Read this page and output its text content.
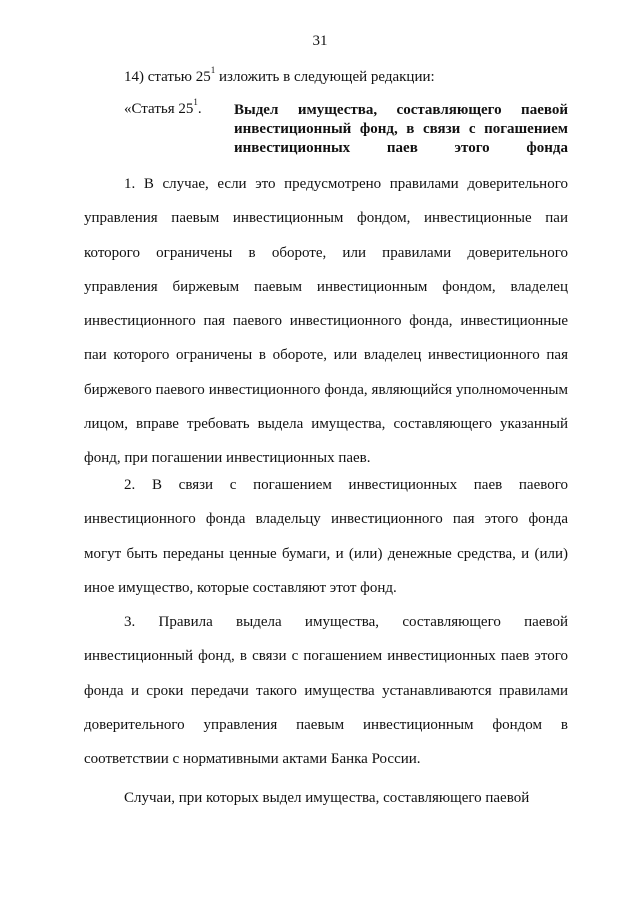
31
14) статью $25^1$ изложить в следующей редакции:
«Статья $25^1$. Выдел имущества, составляющего паевой инвестиционный фонд, в связи с погашением инвестиционных паев этого фонда

1. В случае, если это предусмотрено правилами доверительного управления паевым инвестиционным фондом, инвестиционные паи которого ограничены в обороте, или правилами доверительного управления биржевым паевым инвестиционным фондом, владелец инвестиционного пая паевого инвестиционного фонда, инвестиционные паи которого ограничены в обороте, или владелец инвестиционного пая биржевого паевого инвестиционного фонда, являющийся уполномоченным лицом, вправе требовать выдела имущества, составляющего указанный фонд, при погашении инвестиционных паев.

2. В связи с погашением инвестиционных паев паевого инвестиционного фонда владельцу инвестиционного пая этого фонда могут быть переданы ценные бумаги, и (или) денежные средства, и (или) иное имущество, которые составляют этот фонд.

3. Правила выдела имущества, составляющего паевой инвестиционный фонд, в связи с погашением инвестиционных паев этого фонда и сроки передачи такого имущества устанавливаются правилами доверительного управления паевым инвестиционным фондом в соответствии с нормативными актами Банка России.

Случаи, при которых выдел имущества, составляющего паевой
